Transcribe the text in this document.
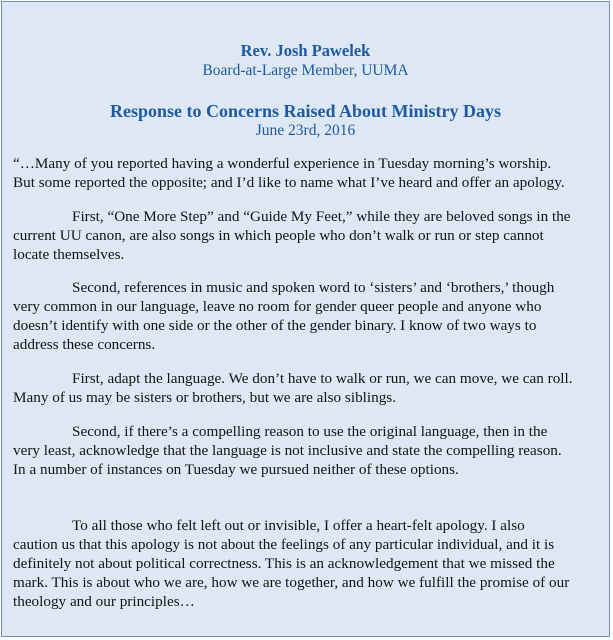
Rev. Josh Pawelek
Board-at-Large Member, UUMA
Response to Concerns Raised About Ministry Days
June 23rd, 2016

“…Many of you reported having a wonderful experience in Tuesday morning’s worship.
But some reported the opposite; and I’d like to name what I’ve heard and offer an apology.

First, “One More Step” and “Guide My Feet,” while they are beloved songs in the
current UU canon, are also songs in which people who don’t walk or run or step cannot
locate themselves.

Second, references in music and spoken word to ‘sisters’ and ‘brothers,’ though
very common in our language, leave no room for gender queer people and anyone who
doesn’t identify with one side or the other of the gender binary. I know of two ways to
address these concerns.

First, adapt the language. We don’t have to walk or run, we can move, we can roll.
Many of us may be sisters or brothers, but we are also siblings.

Second, if there’s a compelling reason to use the original language, then in the
very least, acknowledge that the language is not inclusive and state the compelling reason.
In a number of instances on Tuesday we pursued neither of these options.

To all those who felt left out or invisible, I offer a heart-felt apology. I also
caution us that this apology is not about the feelings of any particular individual, and it is
definitely not about political correctness. This is an acknowledgement that we missed the
mark. This is about who we are, how we are together, and how we fulfill the promise of our
theology and our principles…
